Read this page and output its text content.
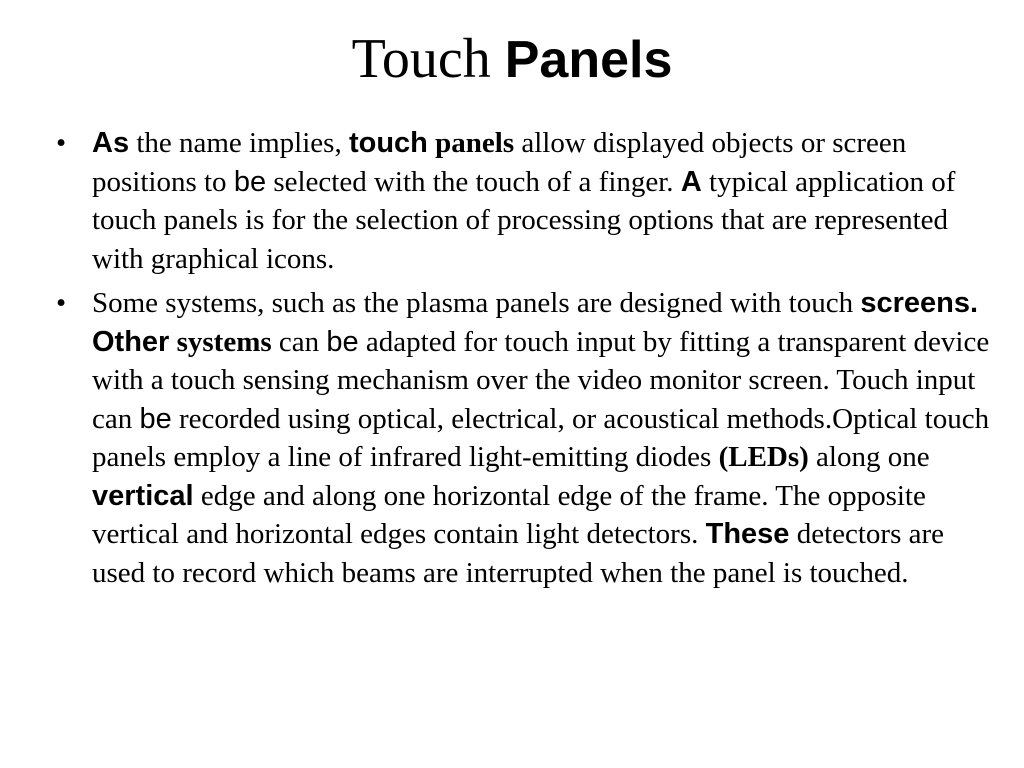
Touch Panels
• As the name implies, touch panels allow displayed objects or screen positions to be selected with the touch of a finger. A typical application of touch panels is for the selection of processing options that are represented with graphical icons.
• Some systems, such as the plasma panels are designed with touch screens. Other systems can be adapted for touch input by fitting a transparent device with a touch sensing mechanism over the video monitor screen. Touch input can be recorded using optical, electrical, or acoustical methods.Optical touch panels employ a line of infrared light-emitting diodes (LEDs) along one vertical edge and along one horizontal edge of the frame. The opposite vertical and horizontal edges contain light detectors. These detectors are used to record which beams are interrupted when the panel is touched.
